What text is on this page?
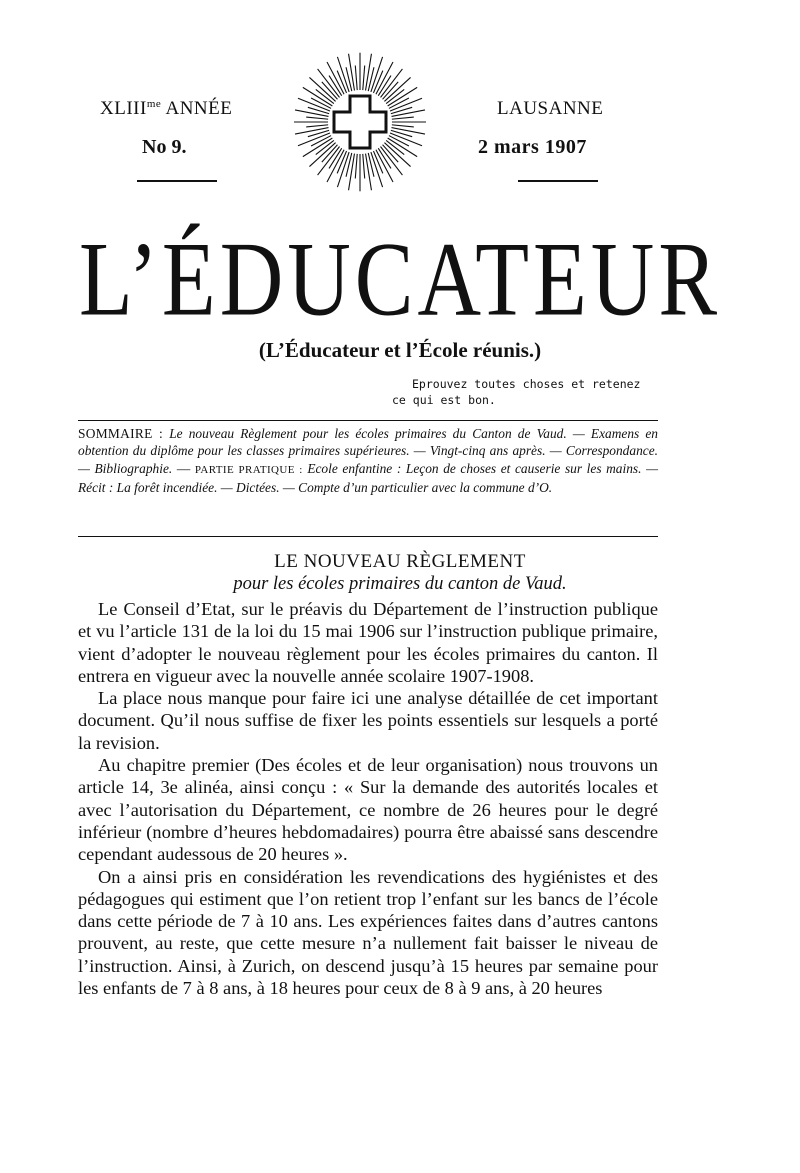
$XLIII^{me}$ ANNÉE
No 9.
LAUSANNE
2 mars 1907
L’ÉDUCATEUR
(L’Éducateur et l’École réunis.)
Eprouvez toutes choses et retenez
ce qui est bon.
SOMMAIRE : Le nouveau Règlement pour les écoles primaires du Canton de Vaud. — Examens en obtention du diplôme pour les classes primaires supérieures. — Vingt-cinq ans après. — Correspondance. — Bibliographie. — PARTIE PRATIQUE : Ecole enfantine : Leçon de choses et causerie sur les mains. — Récit : La forêt incendiée. — Dictées. — Compte d’un particulier avec la commune d’O.
LE NOUVEAU RÈGLEMENT
pour les écoles primaires du canton de Vaud.

Le Conseil d’Etat, sur le préavis du Département de l’instruction publique et vu l’article 131 de la loi du 15 mai 1906 sur l’instruction publique primaire, vient d’adopter le nouveau règlement pour les écoles primaires du canton. Il entrera en vigueur avec la nouvelle année scolaire 1907-1908.

La place nous manque pour faire ici une analyse détaillée de cet important document. Qu’il nous suffise de fixer les points essentiels sur lesquels a porté la revision.

Au chapitre premier (Des écoles et de leur organisation) nous trouvons un article 14, 3e alinéa, ainsi conçu : « Sur la demande des autorités locales et avec l’autorisation du Département, ce nombre de 26 heures pour le degré inférieur (nombre d’heures hebdomadaires) pourra être abaissé sans descendre cependant audessous de 20 heures ».

On a ainsi pris en considération les revendications des hygiénistes et des pédagogues qui estiment que l’on retient trop l’enfant sur les bancs de l’école dans cette période de 7 à 10 ans. Les expériences faites dans d’autres cantons prouvent, au reste, que cette mesure n’a nullement fait baisser le niveau de l’instruction. Ainsi, à Zurich, on descend jusqu’à 15 heures par semaine pour les enfants de 7 à 8 ans, à 18 heures pour ceux de 8 à 9 ans, à 20 heures
